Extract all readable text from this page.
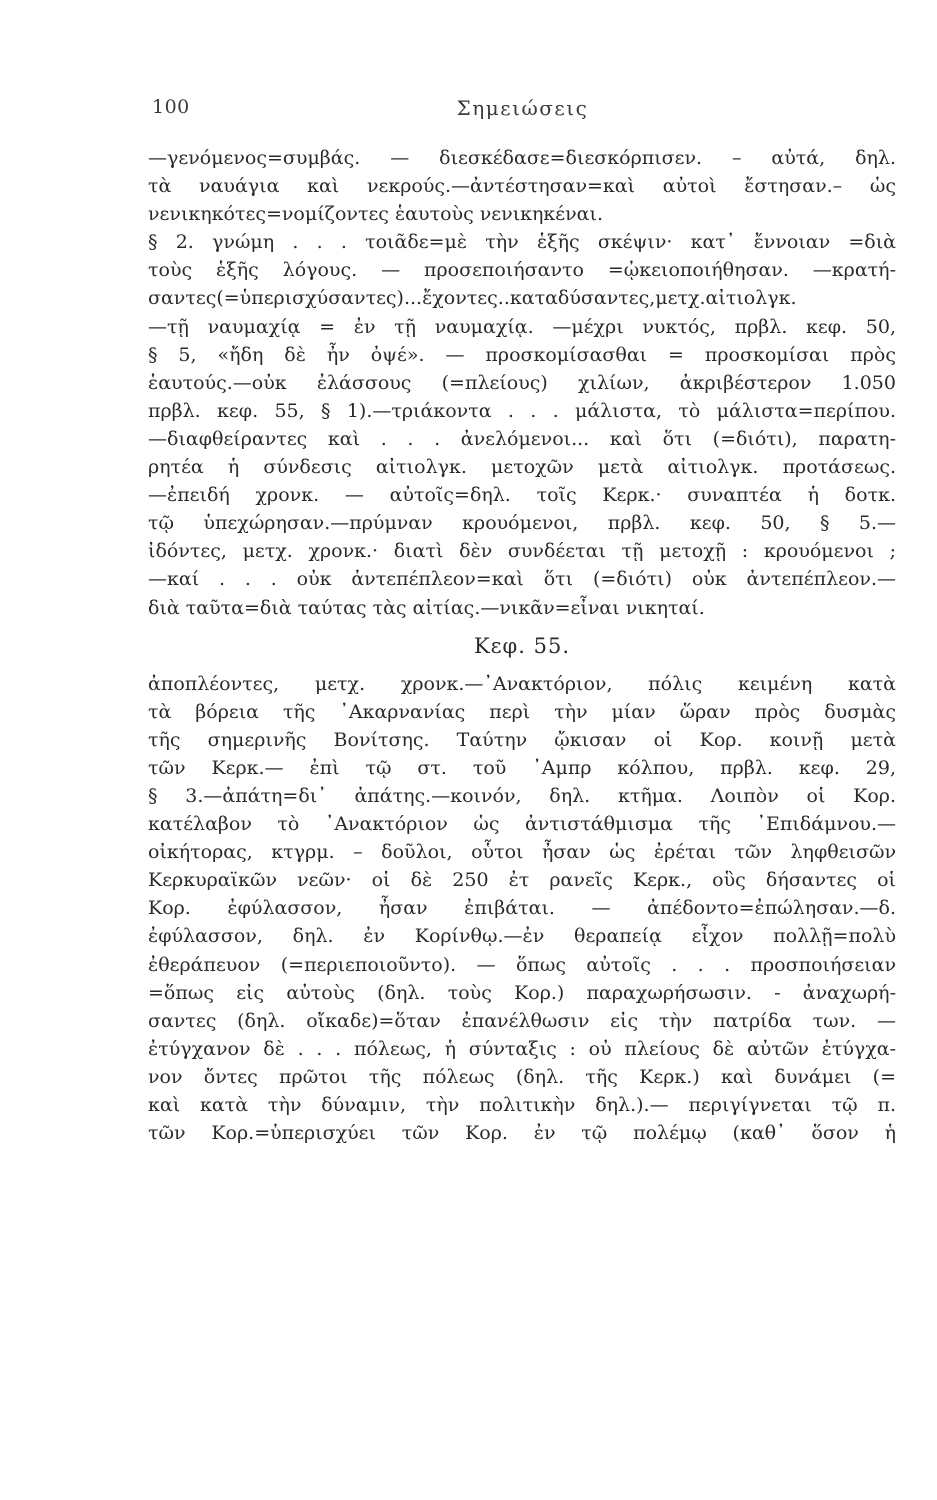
100	Σημειώσεις
—γενόμενος=συμβάς. — διεσκέδασε=διεσκόρπισεν. – αὐτά, δηλ.
τὰ ναυάγια καὶ νεκρούς.—ἀντέστησαν=καὶ αὐτοὶ ἔστησαν.– ὡς
νενικηκότες=νομίζοντες ἑαυτοὺς νενικηκέναι.
§ 2. γνώμη . . . τοιᾶδε=μὲ τὴν ἑξῆς σκέψιν· κατ᾽ ἔννοιαν =διὰ
τοὺς ἑξῆς λόγους. — προσεποιήσαντο =ᾠκειοποιήθησαν. —κρατή-
σαντες(=ὑπερισχύσαντες)...ἔχοντες..καταδύσαντες,μετχ.αἰτιολγκ.
—τῇ ναυμαχίᾳ = ἐν τῇ ναυμαχίᾳ. —μέχρι νυκτός, πρβλ. κεφ. 50,
§ 5, «ἤδη δὲ ἦν ὀψέ». — προσκομίσασθαι = προσκομίσαι πρὸς
ἑαυτούς.—οὐκ ἐλάσσους (=πλείους) χιλίων, ἀκριβέστερον 1.050
πρβλ. κεφ. 55, § 1).—τριάκοντα . . . μάλιστα, τὸ μάλιστα=περίπου.
—διαφθείραντες καὶ . . . ἀνελόμενοι... καὶ ὅτι (=διότι), παρατη-
ρητέα ἡ σύνδεσις αἰτιολγκ. μετοχῶν μετὰ αἰτιολγκ. προτάσεως.
—ἐπειδή χρονκ. — αὐτοῖς=δηλ. τοῖς Κερκ.· συναπτέα ἡ δοτκ.
τῷ ὑπεχώρησαν.—πρύμναν κρουόμενοι, πρβλ. κεφ. 50, § 5.—
ἰδόντες, μετχ. χρονκ.· διατὶ δὲν συνδέεται τῇ μετοχῇ : κρουόμενοι ;
—καί . . . οὐκ ἀντεπέπλεον=καὶ ὅτι (=διότι) οὐκ ἀντεπέπλεον.—
διὰ ταῦτα=διὰ ταύτας τὰς αἰτίας.—νικᾶν=εἶναι νικηταί.
Κεφ. 55.
ἀποπλέοντες, μετχ. χρονκ.—᾽Ανακτόριον, πόλις κειμένη κατὰ
τὰ βόρεια τῆς ᾽Ακαρνανίας περὶ τὴν μίαν ὥραν πρὸς δυσμὰς
τῆς σημερινῆς Βονίτσης. Ταύτην ᾤκισαν οἱ Κορ. κοινῇ μετὰ
τῶν Κερκ.— ἐπὶ τῷ στ. τοῦ ᾽Αμπρ κόλπου, πρβλ. κεφ. 29,
§ 3.—ἀπάτη=δι᾽ ἀπάτης.—κοινόν, δηλ. κτῆμα. Λοιπὸν οἱ Κορ.
κατέλαβον τὸ ᾽Ανακτόριον ὡς ἀντιστάθμισμα τῆς ᾽Επιδάμνου.—
οἰκήτορας, κτγρμ. – δοῦλοι, οὗτοι ἦσαν ὡς ἐρέται τῶν ληφθεισῶν
Κερκυραϊκῶν νεῶν· οἱ δὲ 250 ἐτ ρανεῖς Κερκ., οὓς δήσαντες οἱ
Κορ. ἐφύλασσον, ἦσαν ἐπιβάται. — ἀπέδοντο=ἐπώλησαν.—δ.
ἐφύλασσον, δηλ. ἐν Κορίνθῳ.—ἐν θεραπείᾳ εἶχον πολλῇ=πολὺ
ἐθεράπευον (=περιεποιοῦντο). — ὅπως αὐτοῖς . . . προσποιήσειαν
=ὅπως εἰς αὐτοὺς (δηλ. τοὺς Κορ.) παραχωρήσωσιν. - ἀναχωρή-
σαντες (δηλ. οἴκαδε)=ὅταν ἐπανέλθωσιν εἰς τὴν πατρίδα των. —
ἐτύγχανον δὲ . . . πόλεως, ἡ σύνταξις : οὐ πλείους δὲ αὐτῶν ἐτύγχα-
νον ὄντες πρῶτοι τῆς πόλεως (δηλ. τῆς Κερκ.) καὶ δυνάμει (=
καὶ κατὰ τὴν δύναμιν, τὴν πολιτικὴν δηλ.).— περιγίγνεται τῷ π.
τῶν Κορ.=ὑπερισχύει τῶν Κορ. ἐν τῷ πολέμῳ (καθ᾽ ὅσον ἡ
